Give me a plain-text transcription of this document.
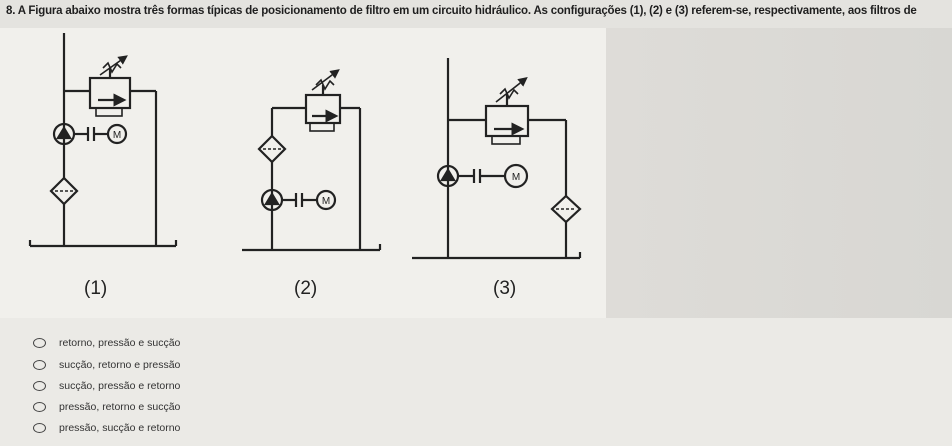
8. A Figura abaixo mostra três formas típicas de posicionamento de filtro em um circuito hidráulico. As configurações (1), (2) e (3) referem-se, respectivamente, aos filtros de
M
M
M
(1)	(2)	(3)
retorno, pressão e sucção
sucção, retorno e pressão
sucção, pressão e retorno
pressão, retorno e sucção
pressão, sucção e retorno
